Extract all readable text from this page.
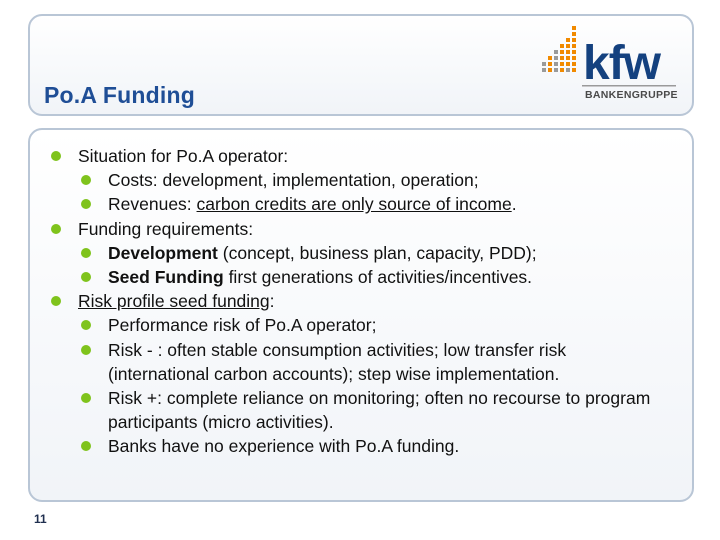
Po.A Funding
kfw
BANKENGRUPPE
Situation for Po.A operator:
Costs: development, implementation, operation;
Revenues: carbon credits are only source of income.
Funding requirements:
Development (concept, business plan, capacity, PDD);
Seed Funding first generations of activities/incentives.
Risk profile seed funding:
Performance risk of Po.A operator;
Risk - : often stable consumption activities; low transfer risk (international carbon accounts); step wise implementation.
Risk +: complete reliance on monitoring; often no recourse to program participants (micro activities).
Banks have no experience with Po.A funding.
11
